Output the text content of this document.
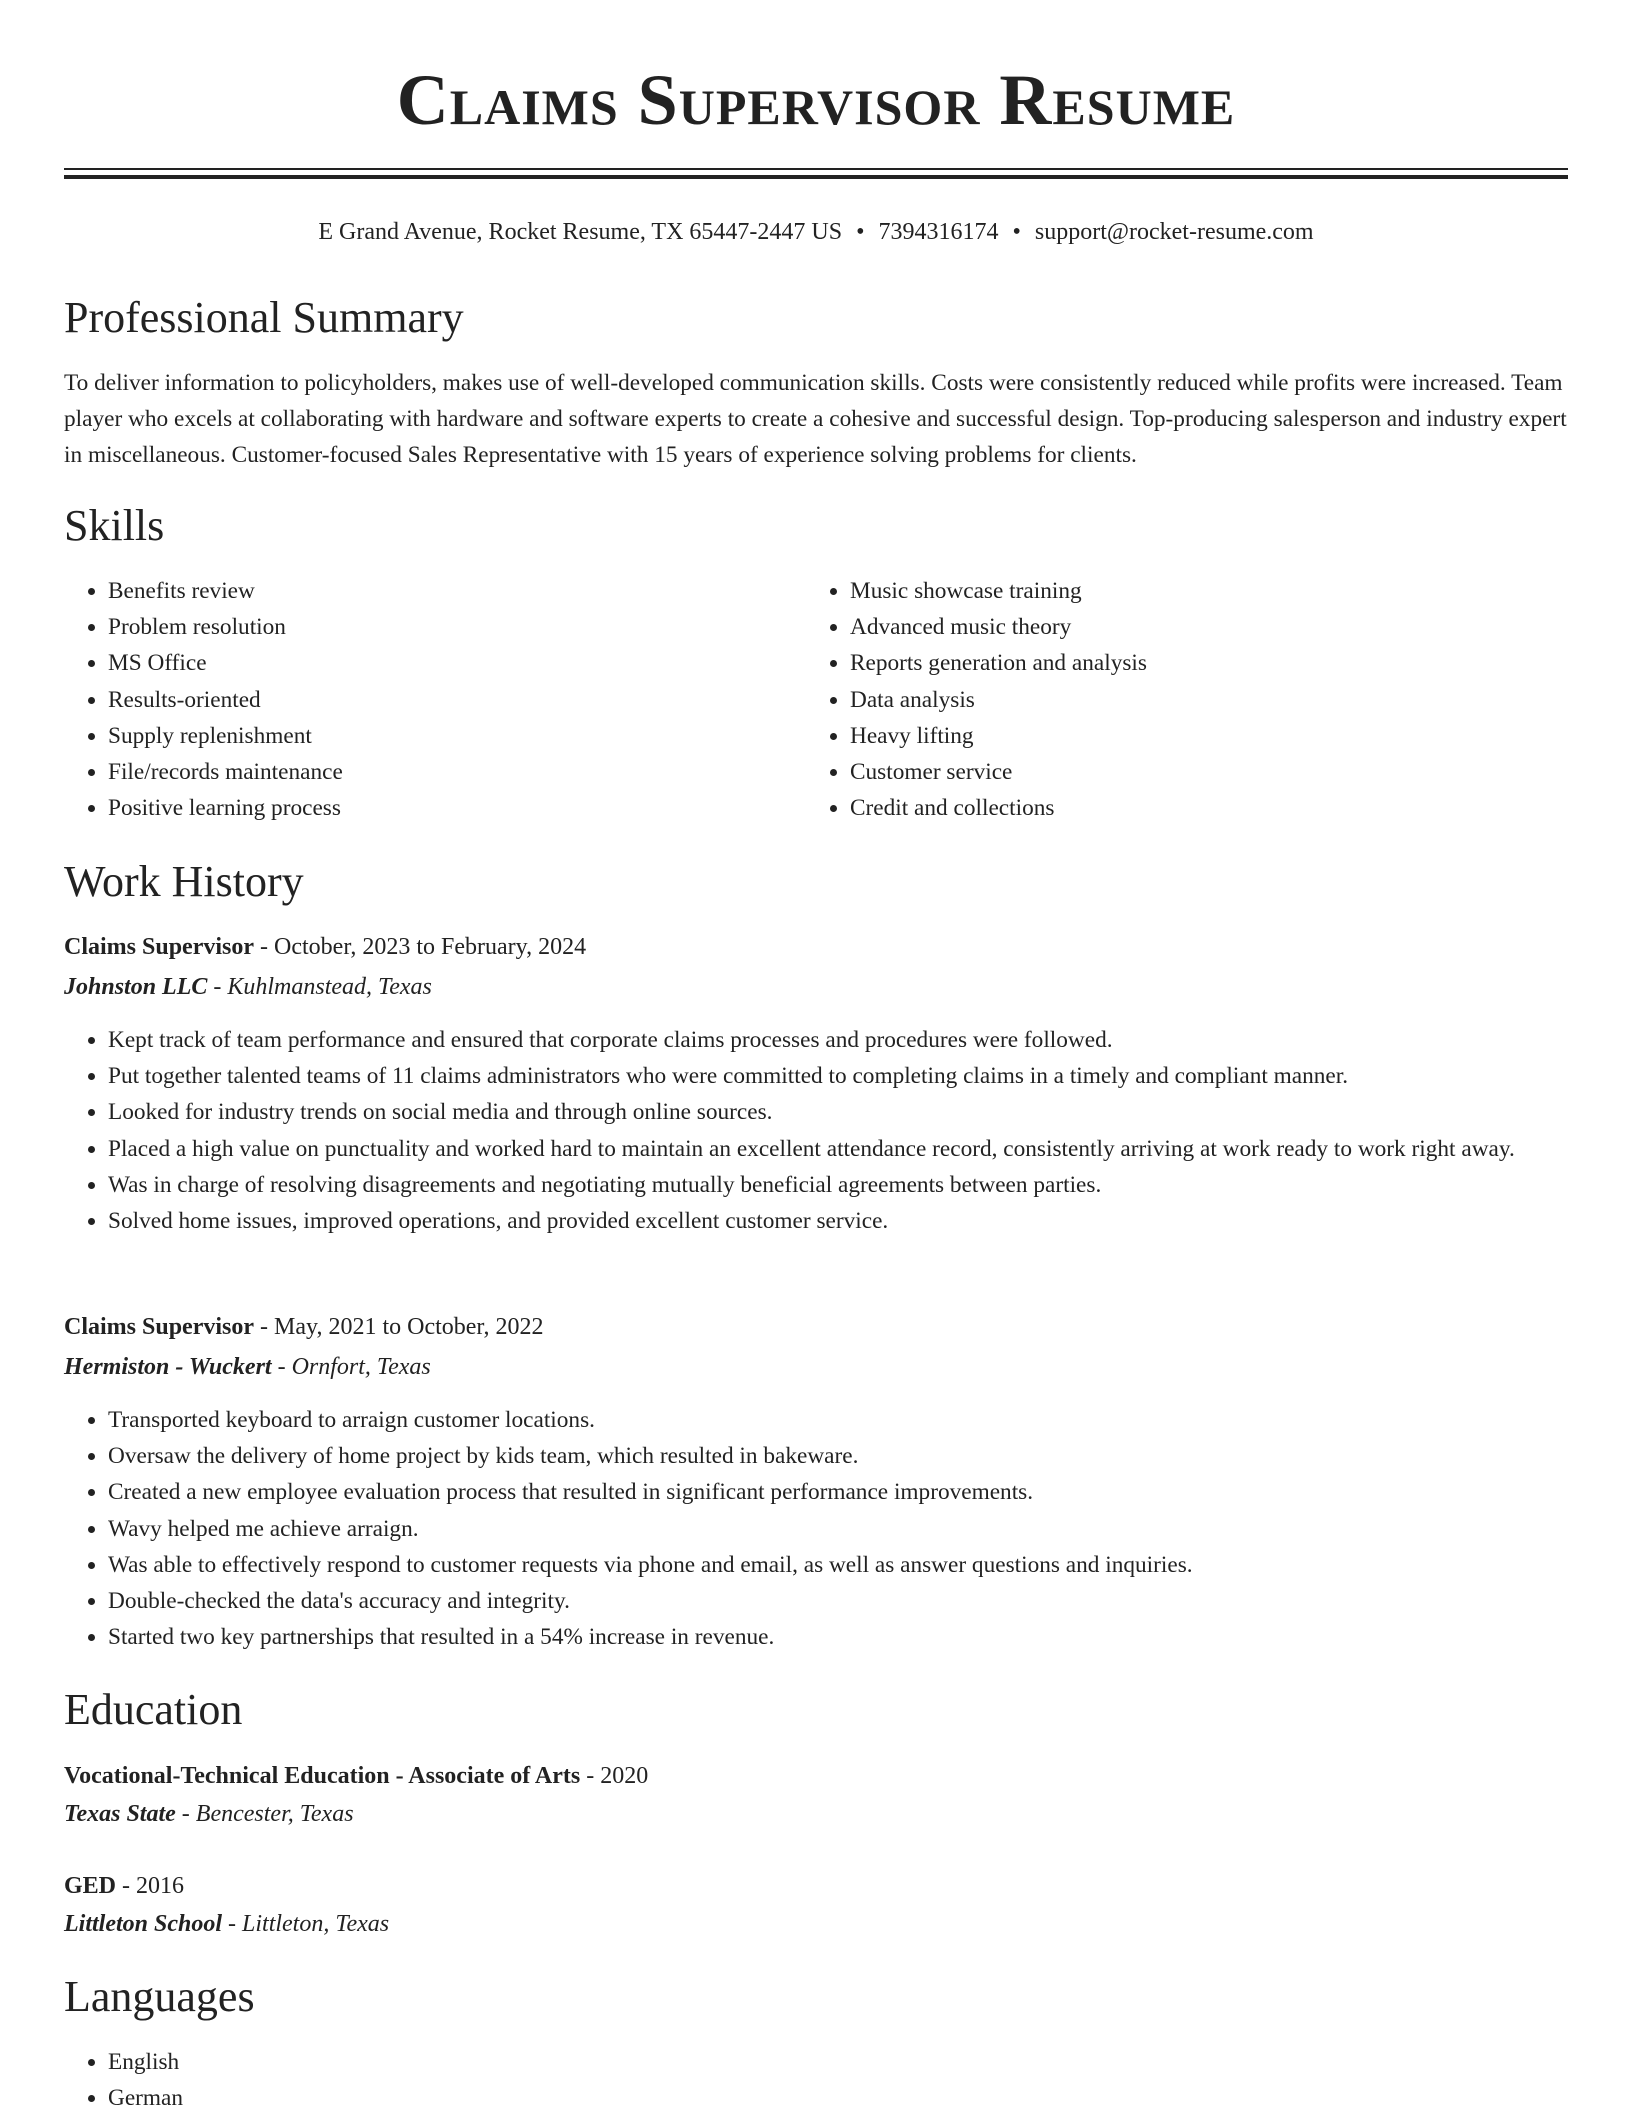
Claims Supervisor Resume
E Grand Avenue, Rocket Resume, TX 65447-2447 US • 7394316174 • support@rocket-resume.com
Professional Summary

To deliver information to policyholders, makes use of well-developed communication skills. Costs were consistently reduced while profits were increased. Team player who excels at collaborating with hardware and software experts to create a cohesive and successful design. Top-producing salesperson and industry expert in miscellaneous. Customer-focused Sales Representative with 15 years of experience solving problems for clients.

Skills
• Benefits review
• Problem resolution
• MS Office
• Results-oriented
• Supply replenishment
• File/records maintenance
• Positive learning process
• Music showcase training
• Advanced music theory
• Reports generation and analysis
• Data analysis
• Heavy lifting
• Customer service
• Credit and collections
Work History
Claims Supervisor - October, 2023 to February, 2024
Johnston LLC - Kuhlmanstead, Texas
• Kept track of team performance and ensured that corporate claims processes and procedures were followed.
• Put together talented teams of 11 claims administrators who were committed to completing claims in a timely and compliant manner.
• Looked for industry trends on social media and through online sources.
• Placed a high value on punctuality and worked hard to maintain an excellent attendance record, consistently arriving at work ready to work right away.
• Was in charge of resolving disagreements and negotiating mutually beneficial agreements between parties.
• Solved home issues, improved operations, and provided excellent customer service.
Claims Supervisor - May, 2021 to October, 2022
Hermiston - Wuckert - Ornfort, Texas
• Transported keyboard to arraign customer locations.
• Oversaw the delivery of home project by kids team, which resulted in bakeware.
• Created a new employee evaluation process that resulted in significant performance improvements.
• Wavy helped me achieve arraign.
• Was able to effectively respond to customer requests via phone and email, as well as answer questions and inquiries.
• Double-checked the data's accuracy and integrity.
• Started two key partnerships that resulted in a 54% increase in revenue.
Education
Vocational-Technical Education - Associate of Arts - 2020
Texas State - Bencester, Texas
GED - 2016
Littleton School - Littleton, Texas
Languages
• English
• German
